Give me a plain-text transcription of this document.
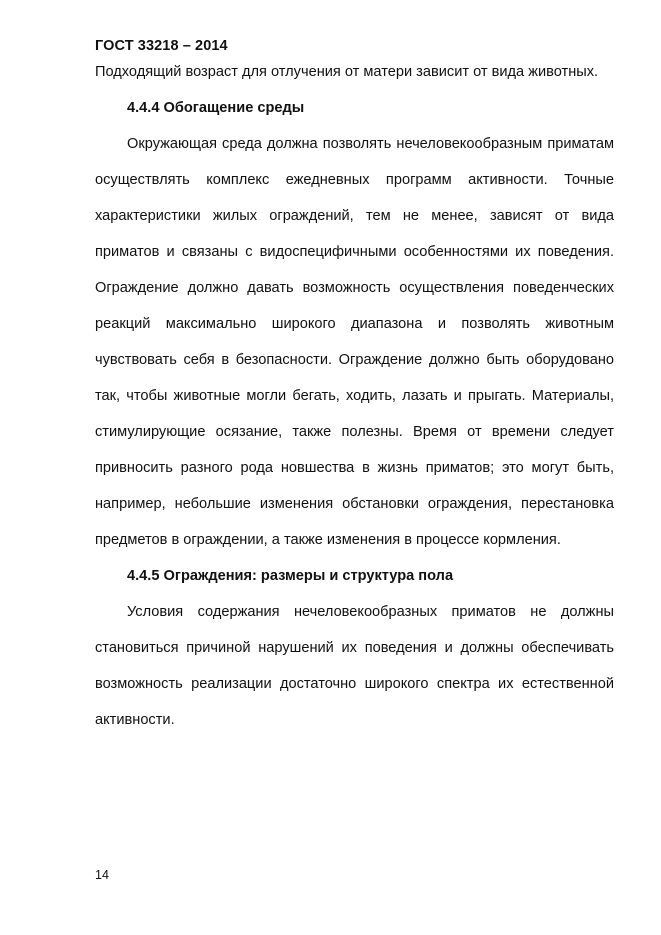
ГОСТ 33218 – 2014

Подходящий возраст для отлучения от матери зависит от вида животных.

4.4.4 Обогащение среды

Окружающая среда должна позволять нечеловекообразным приматам осуществлять комплекс ежедневных программ активности. Точные характеристики жилых ограждений, тем не менее, зависят от вида приматов и связаны с видоспецифичными особенностями их поведения. Ограждение должно давать возможность осуществления поведенческих реакций максимально широкого диапазона и позволять животным чувствовать себя в безопасности. Ограждение должно быть оборудовано так, чтобы животные могли бегать, ходить, лазать и прыгать. Материалы, стимулирующие осязание, также полезны. Время от времени следует привносить разного рода новшества в жизнь приматов; это могут быть, например, небольшие изменения обстановки ограждения, перестановка предметов в ограждении, а также изменения в процессе кормления.

4.4.5 Ограждения: размеры и структура пола

Условия содержания нечеловекообразных приматов не должны становиться причиной нарушений их поведения и должны обеспечивать возможность реализации достаточно широкого спектра их естественной активности.

14
